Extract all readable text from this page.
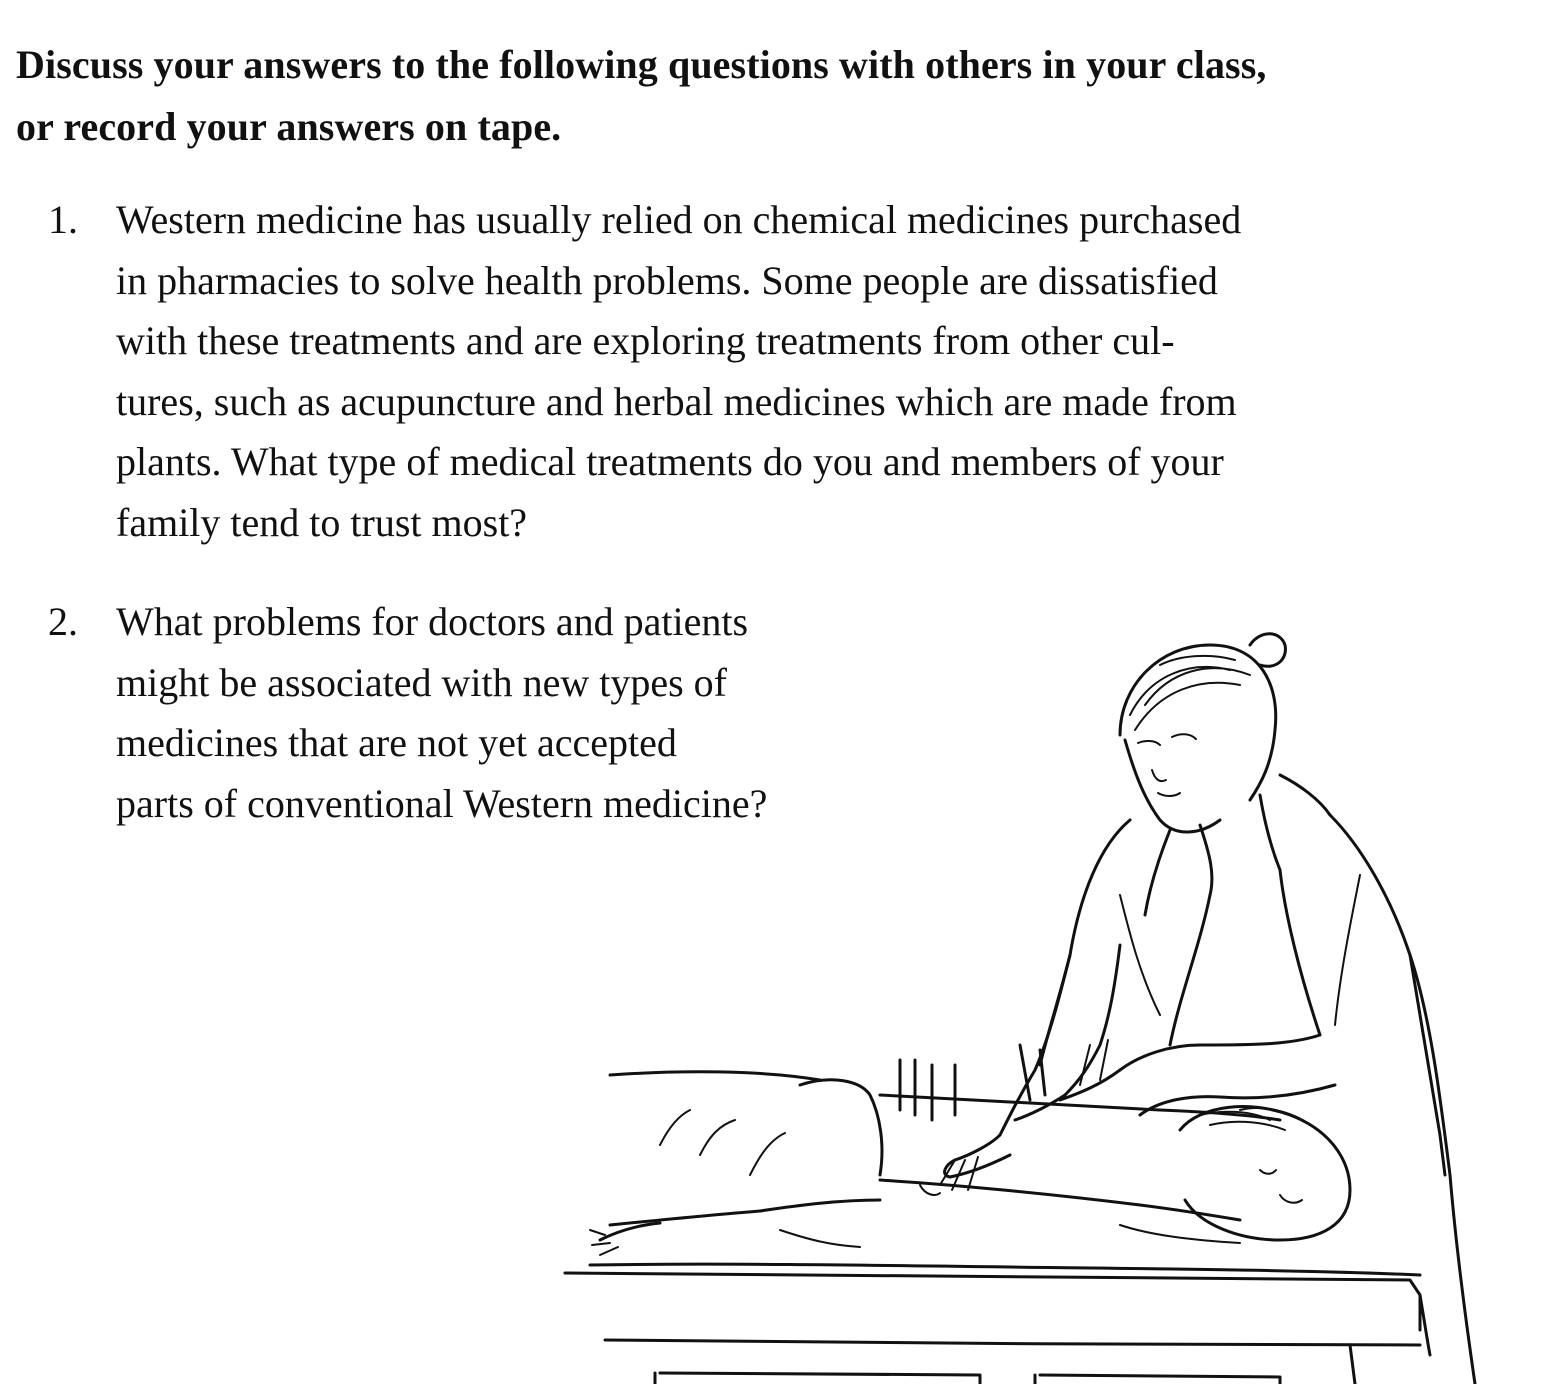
Discuss your answers to the following questions with others in your class,
or record your answers on tape.
1. Western medicine has usually relied on chemical medicines purchased
in pharmacies to solve health problems. Some people are dissatisfied
with these treatments and are exploring treatments from other cul-
tures, such as acupuncture and herbal medicines which are made from
plants. What type of medical treatments do you and members of your
family tend to trust most?
2. What problems for doctors and patients
might be associated with new types of
medicines that are not yet accepted
parts of conventional Western medicine?
